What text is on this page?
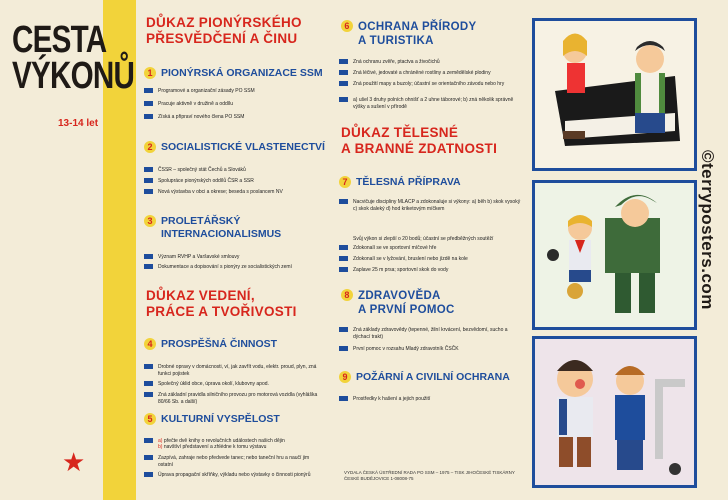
CESTA
VÝKONŮ
13-14 let
★
DŮKAZ PIONÝRSKÉHO
PŘESVĚDČENÍ A ČINU
1 PIONÝRSKÁ ORGANIZACE SSM
Programové a organizační zásady PO SSM
Pracuje aktivně v družině a oddílu
Získá a připraví nového člena PO SSM
2 SOCIALISTICKÉ VLASTENECTVÍ
ČSSR – společný stát Čechů a Slováků
Spolupráce pionýrských oddílů ČSR a SSR
Nová výstavba v obci a okrese; beseda s poslancem NV
3 PROLETÁŘSKÝ
INTERNACIONALISMUS
Význam RVHP a Varšavské smlouvy
Dokumentace a dopisování s pionýry ze socialistických zemí
DŮKAZ VEDENÍ,
PRÁCE A TVOŘIVOSTI
4 PROSPĚŠNÁ ČINNOST
Drobné opravy v domácnosti, ví, jak zavřít vodu, elektr. proud, plyn, zná funkci pojistek
Společný úklid obce, úprava okolí, klubovny apod.
Zná základní pravidla silničního provozu pro motorová vozidla (vyhláška 80/66 Sb. a další)
5 KULTURNÍ VYSPĚLOST
a) přečte dvě knihy o revolučních událostech našich dějin
b) navštíví představení a zhlédne k tomu výstavu
Zazpívá, zahraje nebo předvede tanec; nebo taneční hru a naučí jim ostatní
Úprava propagační skříňky, výkladu nebo výstavky o činnosti pionýrů
6 OCHRANA PŘÍRODY
A TURISTIKA
Zná ochranu zvěře, ptactva a živočichů
Zná léčivé, jedovaté a chráněné rostliny a zemědělské plodiny
Zná použití mapy a buzoly; účastní se orientačního závodu nebo hry
a) ušel 3 druhy polních ohnišť a 2 uhne táborové; b) zná několik správně výšky a sušení v přírodě
DŮKAZ TĚLESNÉ
A BRANNÉ ZDATNOSTI
7 TĚLESNÁ PŘÍPRAVA
Nacvičuje discipliny MLACP a zdokonaluje si výkony: a) běh b) skok vysoký c) skok daleký d) hod kriketovým míčkem
Svůj výkon si zlepší o 20 bodů; účastní se předběžných soutěží
Zdokonalí se ve sportovní míčové hře
Zdokonalí se v lyžování, bruslení nebo jízdě na kole
Zaplave 25 m prsa; sportovní skok do vody
8 ZDRAVOVĚDA
A PRVNÍ POMOC
Zná základy zdravovědy (tepenné, žilní krvácení, bezvědomí, sucho a dýchací trakt)
První pomoc v rozsahu Mladý zdravotník ČSČK
9 POŽÁRNÍ A CIVILNÍ OCHRANA
Prostředky k hašení a jejich použití
VYDALA ČESKÁ ÚSTŘEDNÍ RADA PO SSM – 1975 – TISK JIHOČESKÉ TISKÁRNY ČESKÉ BUDĚJOVICE 1-08008-75
©terryposters.com
